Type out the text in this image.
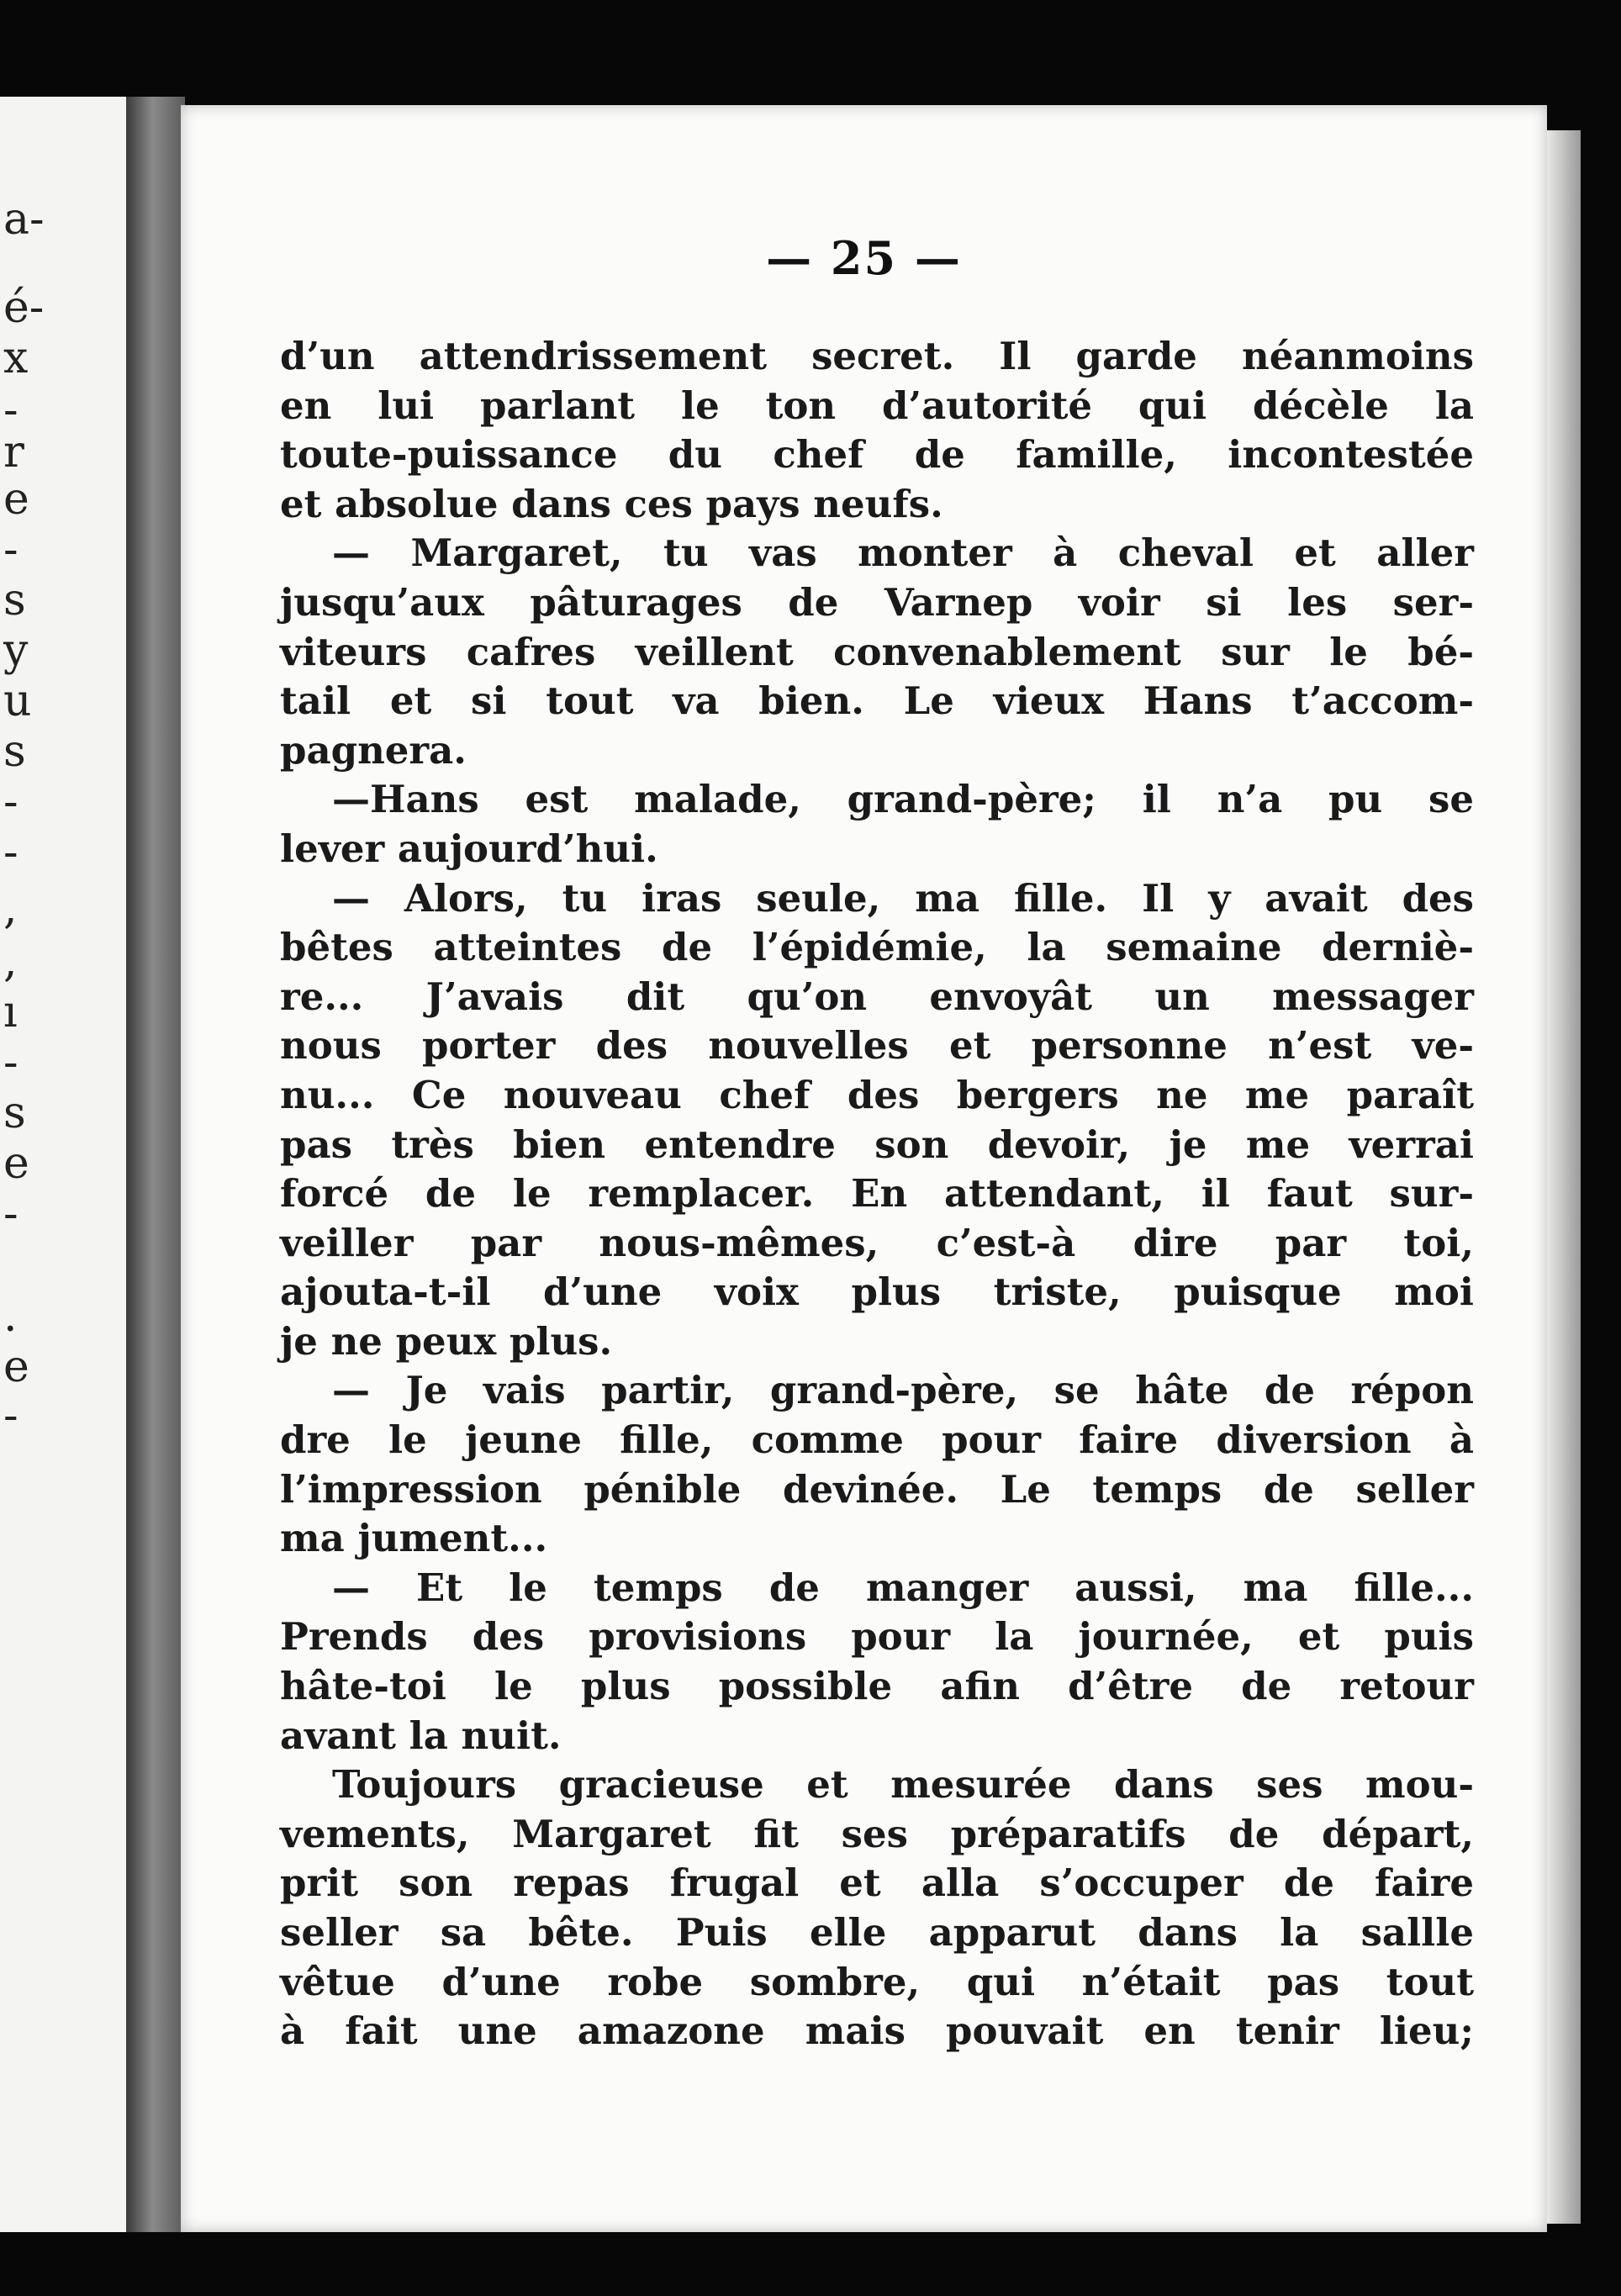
a-
é-
x
-
r
e
-
s
y
u
s
-
-
,
,
ı
-
s
e
-
.
e
-
— 25 —
d’un attendrissement secret. Il garde néanmoins
en lui parlant le ton d’autorité qui décèle la
toute-puissance du chef de famille, incontestée
et absolue dans ces pays neufs.
— Margaret, tu vas monter à cheval et aller
jusqu’aux pâturages de Varnep voir si les ser-
viteurs cafres veillent convenablement sur le bé-
tail et si tout va bien. Le vieux Hans t’accom-
pagnera.
—Hans est malade, grand-père; il n’a pu se
lever aujourd’hui.
— Alors, tu iras seule, ma fille. Il y avait des
bêtes atteintes de l’épidémie, la semaine derniè-
re... J’avais dit qu’on envoyât un messager
nous porter des nouvelles et personne n’est ve-
nu... Ce nouveau chef des bergers ne me paraît
pas très bien entendre son devoir, je me verrai
forcé de le remplacer. En attendant, il faut sur-
veiller par nous-mêmes, c’est-à dire par toi,
ajouta-t-il d’une voix plus triste, puisque moi
je ne peux plus.
— Je vais partir, grand-père, se hâte de répon
dre le jeune fille, comme pour faire diversion à
l’impression pénible devinée. Le temps de seller
ma jument...
— Et le temps de manger aussi, ma fille...
Prends des provisions pour la journée, et puis
hâte-toi le plus possible afin d’être de retour
avant la nuit.
Toujours gracieuse et mesurée dans ses mou-
vements, Margaret fit ses préparatifs de départ,
prit son repas frugal et alla s’occuper de faire
seller sa bête. Puis elle apparut dans la sallle
vêtue d’une robe sombre, qui n’était pas tout
à fait une amazone mais pouvait en tenir lieu;
